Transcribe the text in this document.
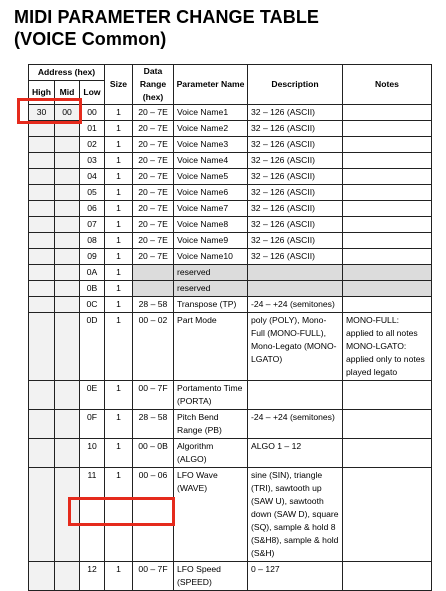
MIDI PARAMETER CHANGE TABLE
(VOICE Common)
Address (hex)			Size	Data Range (hex)	Parameter Name	Description	Notes
High	Mid	Low					
30	00	00	1	20 – 7E	Voice Name1	32 – 126 (ASCII)	
		01	1	20 – 7E	Voice Name2	32 – 126 (ASCII)	
		02	1	20 – 7E	Voice Name3	32 – 126 (ASCII)	
		03	1	20 – 7E	Voice Name4	32 – 126 (ASCII)	
		04	1	20 – 7E	Voice Name5	32 – 126 (ASCII)	
		05	1	20 – 7E	Voice Name6	32 – 126 (ASCII)	
		06	1	20 – 7E	Voice Name7	32 – 126 (ASCII)	
		07	1	20 – 7E	Voice Name8	32 – 126 (ASCII)	
		08	1	20 – 7E	Voice Name9	32 – 126 (ASCII)	
		09	1	20 – 7E	Voice Name10	32 – 126 (ASCII)	
		0A	1		reserved		
		0B	1		reserved		
		0C	1	28 – 58	Transpose (TP)	-24 – +24 (semitones)	
		0D	1	00 – 02	Part Mode	poly (POLY), Mono-Full (MONO-FULL), Mono-Legato (MONO-LGATO)	MONO-FULL: applied to all notes MONO-LGATO: applied only to notes played legato
		0E	1	00 – 7F	Portamento Time (PORTA)		
		0F	1	28 – 58	Pitch Bend Range (PB)	-24 – +24 (semitones)	
		10	1	00 – 0B	Algorithm (ALGO)	ALGO 1 – 12	
		11	1	00 – 06	LFO Wave (WAVE)	sine (SIN), triangle (TRI), sawtooth up (SAW U), sawtooth down (SAW D), square (SQ), sample & hold 8 (S&H8), sample & hold (S&H)	
		12	1	00 – 7F	LFO Speed (SPEED)	0 – 127	
